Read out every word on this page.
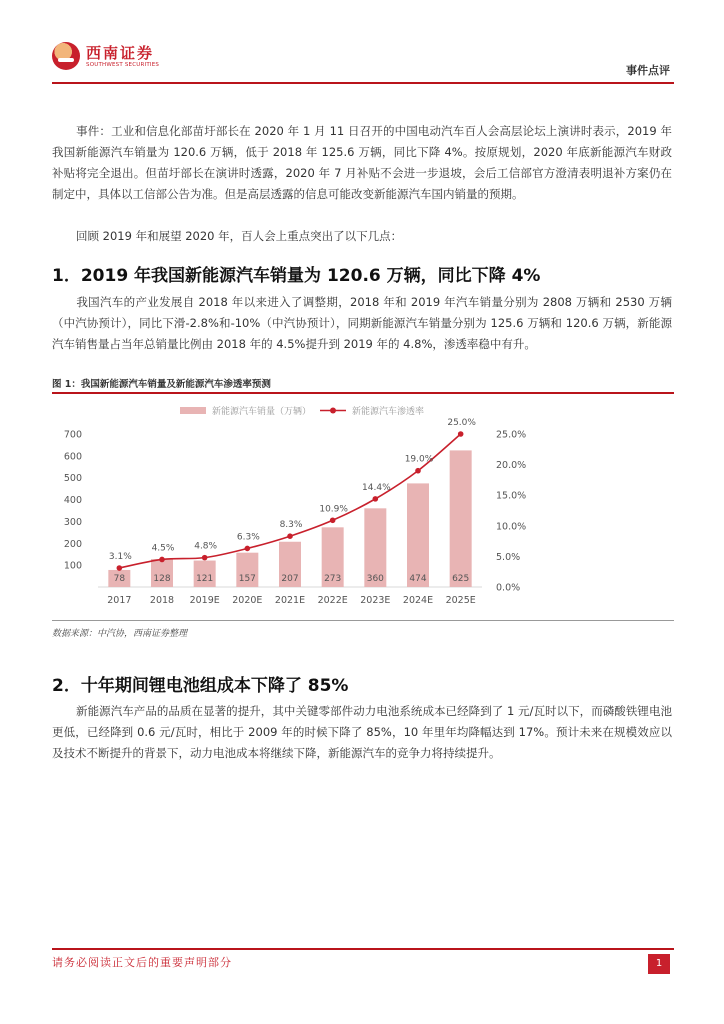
西南证券
SOUTHWEST SECURITIES	事件点评
事件：工业和信息化部苗圩部长在 2020 年 1 月 11 日召开的中国电动汽车百人会高层论坛上演讲时表示，2019 年我国新能源汽车销量为 120.6 万辆，低于 2018 年 125.6 万辆，同比下降 4%。按原规划，2020 年底新能源汽车财政补贴将完全退出。但苗圩部长在演讲时透露，2020 年 7 月补贴不会进一步退坡，会后工信部官方澄清表明退补方案仍在制定中，具体以工信部公告为准。但是高层透露的信息可能改变新能源汽车国内销量的预期。
回顾 2019 年和展望 2020 年，百人会上重点突出了以下几点：
1．2019 年我国新能源汽车销量为 120.6 万辆，同比下降 4%
我国汽车的产业发展自 2018 年以来进入了调整期，2018 年和 2019 年汽车销量分别为 2808 万辆和 2530 万辆（中汽协预计），同比下滑-2.8%和-10%（中汽协预计），同期新能源汽车销量分别为 125.6 万辆和 120.6 万辆，新能源汽车销售量占当年总销量比例由 2018 年的 4.5%提升到 2019 年的 4.8%，渗透率稳中有升。
图 1：我国新能源汽车销量及新能源汽车渗透率预测
新能源汽车销量（万辆）	新能源汽车渗透率
100
200
300
400
500
600
700
0.0%
5.0%
10.0%
15.0%
20.0%
25.0%
78
2017
128
2018
121
2019E
157
2020E
207
2021E
273
2022E
360
2023E
474
2024E
625
2025E
3.1%
4.5% 4.8%
6.3%
8.3%
10.9%
14.4%
19.0%
25.0%
数据来源：中汽协，西南证券整理
2．十年期间锂电池组成本下降了 85%
新能源汽车产品的品质在显著的提升，其中关键零部件动力电池系统成本已经降到了 1 元/瓦时以下，而磷酸铁锂电池更低，已经降到 0.6 元/瓦时，相比于 2009 年的时候下降了 85%，10 年里年均降幅达到 17%。预计未来在规模效应以及技术不断提升的背景下，动力电池成本将继续下降，新能源汽车的竞争力将持续提升。
请务必阅读正文后的重要声明部分	1
